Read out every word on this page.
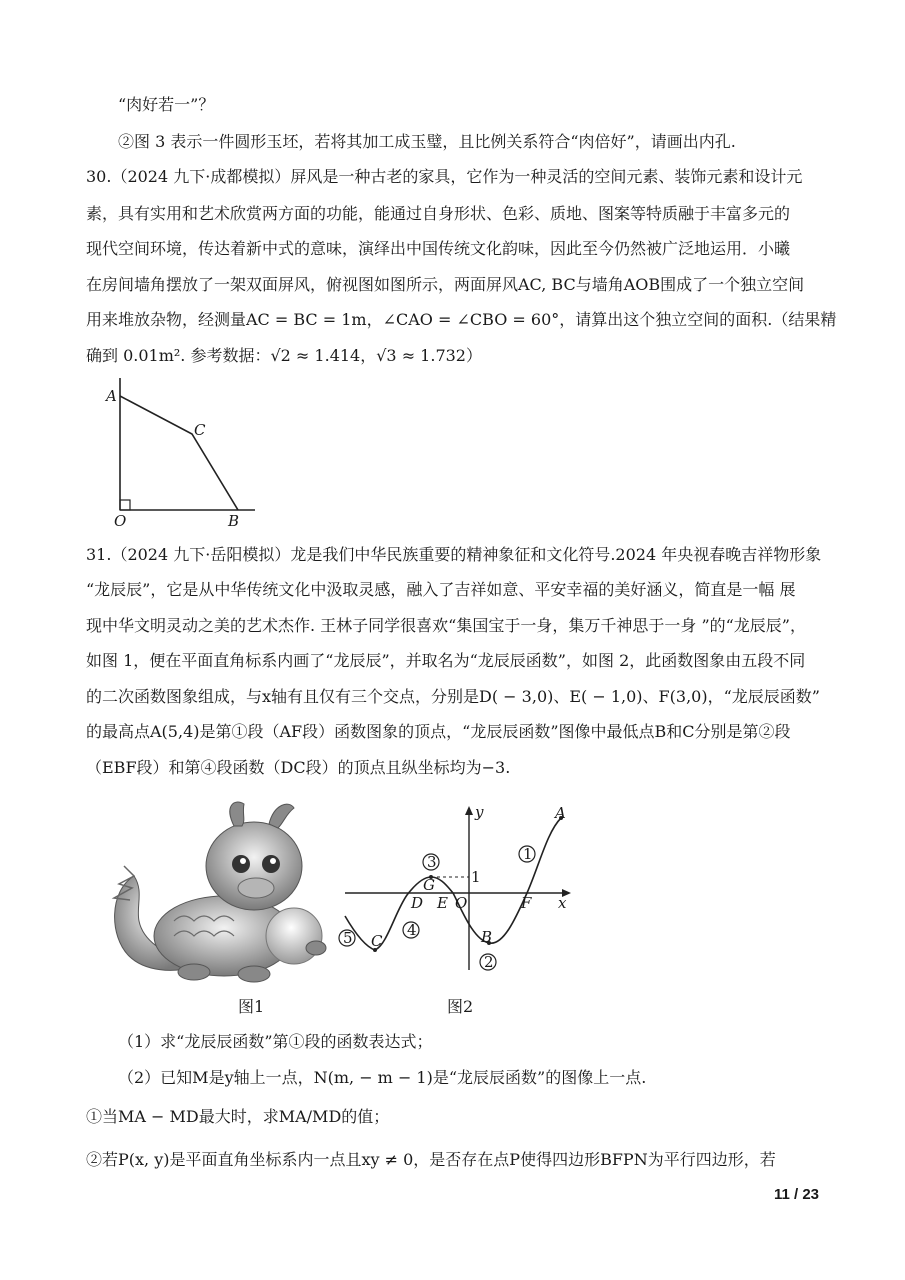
“肉好若一”？
②图 3 表示一件圆形玉坯，若将其加工成玉璧，且比例关系符合“肉倍好”，请画出内孔.
30.（2024 九下·成都模拟）屏风是一种古老的家具，它作为一种灵活的空间元素、装饰元素和设计元
素，具有实用和艺术欣赏两方面的功能，能通过自身形状、色彩、质地、图案等特质融于丰富多元的
现代空间环境，传达着新中式的意味，演绎出中国传统文化韵味，因此至今仍然被广泛地运用．小曦
在房间墙角摆放了一架双面屏风，俯视图如图所示，两面屏风AC, BC与墙角AOB围成了一个独立空间
用来堆放杂物，经测量AC = BC = 1m，∠CAO = ∠CBO = 60°，请算出这个独立空间的面积.（结果精
确到 0.01m². 参考数据：√2 ≈ 1.414，√3 ≈ 1.732）
A
C
O	B
31.（2024 九下·岳阳模拟）龙是我们中华民族重要的精神象征和文化符号.2024 年央视春晚吉祥物形象
“龙辰辰”，它是从中华传统文化中汲取灵感，融入了吉祥如意、平安幸福的美好涵义，简直是一幅 展
现中华文明灵动之美的艺术杰作. 王林子同学很喜欢“集国宝于一身，集万千神思于一身 ”的“龙辰辰”，
如图 1，便在平面直角标系内画了“龙辰辰”，并取名为“龙辰辰函数”，如图 2，此函数图象由五段不同
的二次函数图象组成，与x轴有且仅有三个交点，分别是D( − 3,0)、E( − 1,0)、F(3,0)，“龙辰辰函数”
的最高点A(5,4)是第①段（AF段）函数图象的顶点，“龙辰辰函数”图像中最低点B和C分别是第②段
（EBF段）和第④段函数（DC段）的顶点且纵坐标均为−3.
y
x
A
G
D E O	F
B
C
1
1
2
3
4
5
图1	图2
（1）求“龙辰辰函数”第①段的函数表达式；
（2）已知M是y轴上一点，N(m, − m − 1)是“龙辰辰函数”的图像上一点.
①当MA − MD最大时，求MA/MD的值；
②若P(x, y)是平面直角坐标系内一点且xy ≠ 0，是否存在点P使得四边形BFPN为平行四边形，若
11 / 23
